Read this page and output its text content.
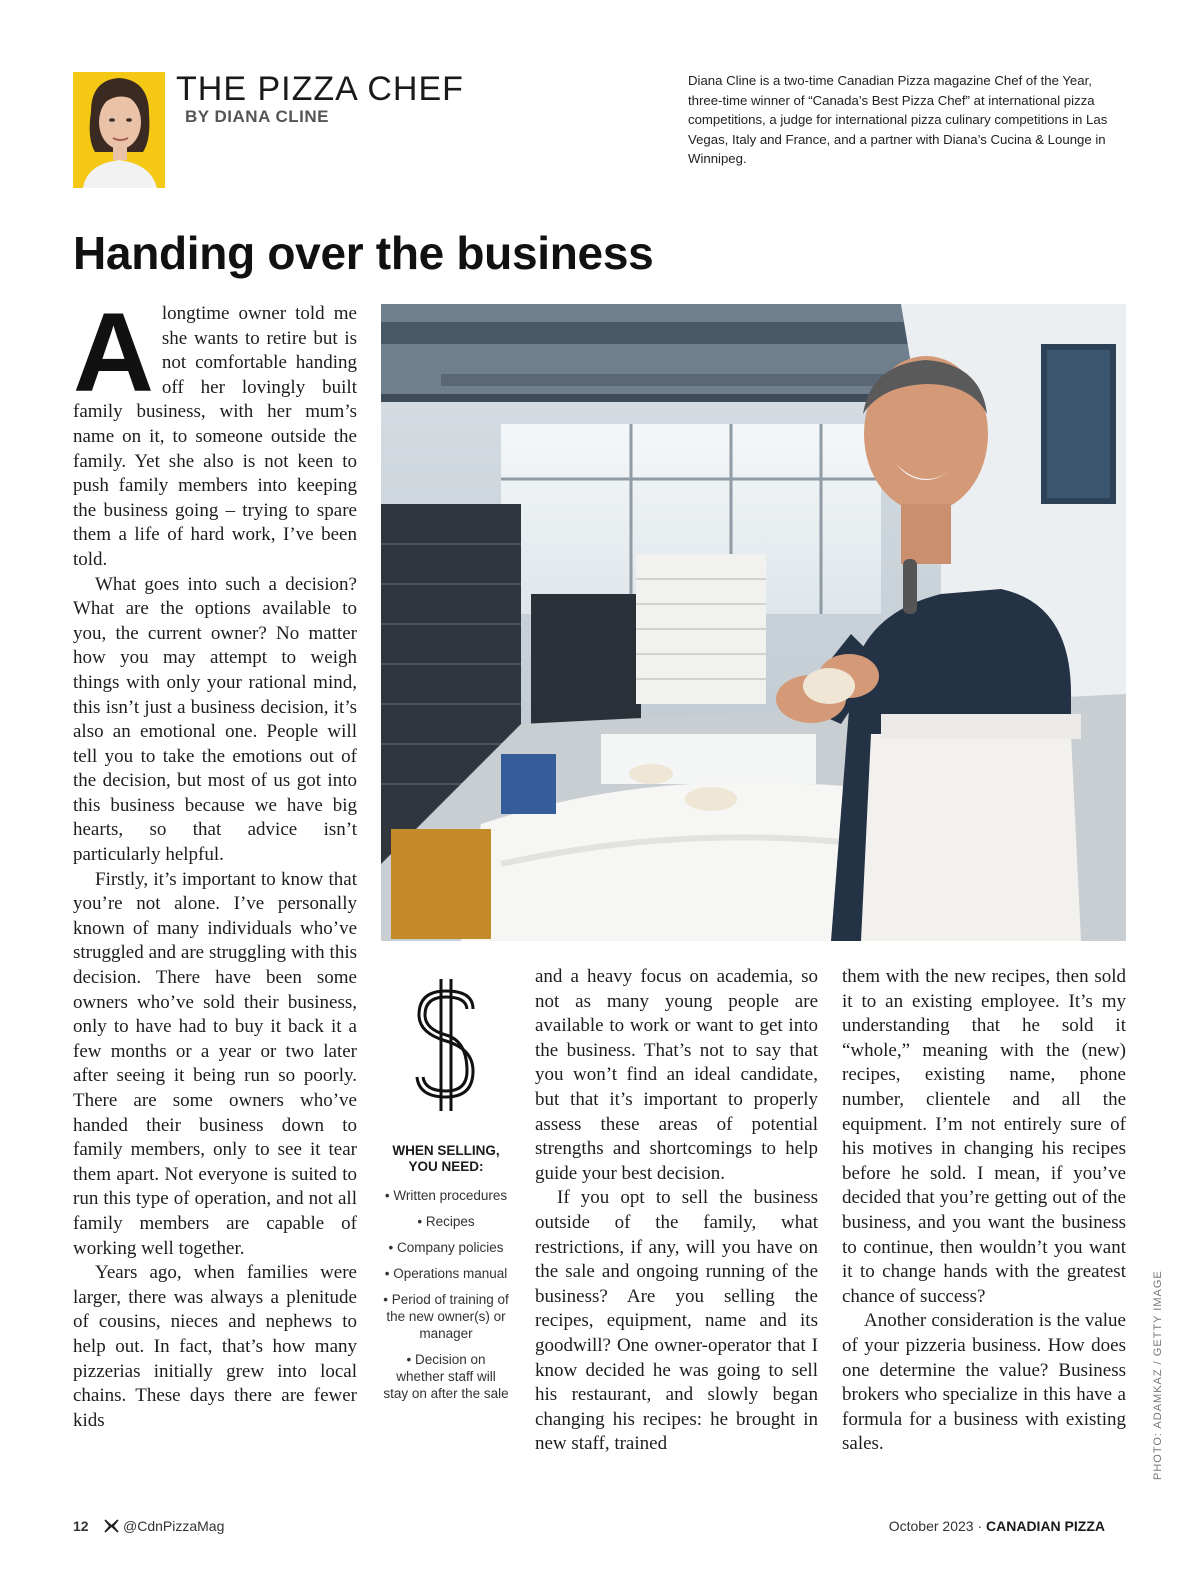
THE PIZZA CHEF
BY DIANA CLINE
Diana Cline is a two-time Canadian Pizza magazine Chef of the Year, three-time winner of “Canada’s Best Pizza Chef” at international pizza competitions, a judge for international pizza culinary competitions in Las Vegas, Italy and France, and a partner with Diana’s Cucina & Lounge in Winnipeg.
Handing over the business

Alongtime owner told me she wants to retire but is not comfortable handing off her lovingly built family business, with her mum’s name on it, to someone outside the family. Yet she also is not keen to push family members into keeping the business going – trying to spare them a life of hard work, I’ve been told.

What goes into such a decision? What are the options available to you, the current owner? No matter how you may attempt to weigh things with only your rational mind, this isn’t just a business decision, it’s also an emotional one. People will tell you to take the emotions out of the decision, but most of us got into this business because we have big hearts, so that advice isn’t particularly helpful.

Firstly, it’s important to know that you’re not alone. I’ve personally known of many individuals who’ve struggled and are struggling with this decision. There have been some owners who’ve sold their business, only to have had to buy it back it a few months or a year or two later after seeing it being run so poorly. There are some owners who’ve handed their business down to family members, only to see it tear them apart. Not everyone is suited to run this type of operation, and not all family members are capable of working well together.

Years ago, when families were larger, there was always a plenitude of cousins, nieces and nephews to help out. In fact, that’s how many pizzerias initially grew into local chains. These days there are fewer kids	PHOTO: ADAMKAZ / GETTY IMAGE
WHEN SELLING, YOU NEED:
• Written procedures
• Recipes
• Company policies
• Operations manual
• Period of training of the new owner(s) or manager
• Decision on whether staff will stay on after the sale

and a heavy focus on academia, so not as many young people are available to work or want to get into the business. That’s not to say that you won’t find an ideal candidate, but that it’s important to properly assess these areas of potential strengths and shortcomings to help guide your best decision.

If you opt to sell the business outside of the family, what restrictions, if any, will you have on the sale and ongoing running of the business? Are you selling the recipes, equipment, name and its goodwill? One owner-operator that I know decided he was going to sell his restaurant, and slowly began changing his recipes: he brought in new staff, trained

them with the new recipes, then sold it to an existing employee. It’s my understanding that he sold it “whole,” meaning with the (new) recipes, existing name, phone number, clientele and all the equipment. I’m not entirely sure of his motives in changing his recipes before he sold. I mean, if you’ve decided that you’re getting out of the business, and you want the business to continue, then wouldn’t you want it to change hands with the greatest chance of success?

Another consideration is the value of your pizzeria business. How does one determine the value? Business brokers who specialize in this have a formula for a business with existing sales.

12 @CdnPizzaMag	October 2023 · CANADIAN PIZZA
